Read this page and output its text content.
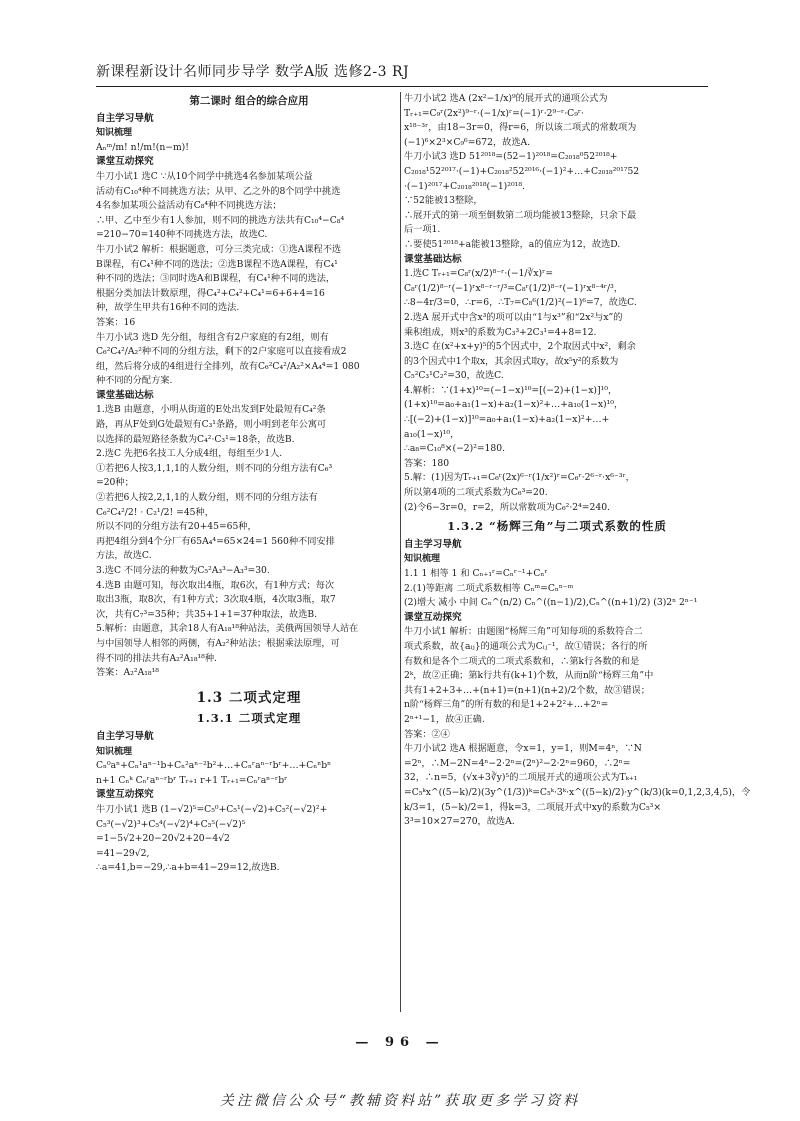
新课程新设计名师同步导学 数学A版 选修2-3 RJ
第二课时 组合的综合应用
自主学习导航
知识梳理
Aₙᵐ/m! n!/m!(n−m)!
课堂互动探究
牛刀小试1 选C ∵从10个同学中挑选4名参加某项公益
活动有C₁₀⁴种不同挑选方法；从甲、乙之外的8个同学中挑选
4名参加某项公益活动有C₈⁴种不同挑选方法；
∴甲、乙中至少有1人参加，则不同的挑选方法共有C₁₀⁴−C₈⁴
=210−70=140种不同挑选方法，故选C.
牛刀小试2 解析：根据题意，可分三类完成：①选A课程不选
B课程，有C₄¹种不同的选法；②选B课程不选A课程，有C₄¹
种不同的选法；③同时选A和B课程，有C₄¹种不同的选法，
根据分类加法计数原理，得C₄²+C₄²+C₄¹=6+6+4=16
种，故学生甲共有16种不同的选法.
答案：16
牛刀小试3 选D 先分组，每组含有2户家庭的有2组，则有
C₆²C₄²/A₂²种不同的分组方法，剩下的2户家庭可以直接看成2
组，然后将分成的4组进行全排列，故有C₆²C₄²/A₂²×A₄⁴=1 080
种不同的分配方案.
课堂基础达标
1.选B 由题意，小明从街道的E处出发到F处最短有C₄²条
路，再从F处到G处最短有C₃¹条路，则小明到老年公寓可
以选择的最短路径条数为C₄²·C₃¹=18条，故选B.
2.选C 先把6名技工人分成4组，每组至少1人.
①若把6人按3,1,1,1的人数分组，则不同的分组方法有C₆³
=20种；
②若把6人按2,2,1,1的人数分组，则不同的分组方法有
C₆²C₄²/2! · C₂¹/2! =45种，
所以不同的分组方法有20+45=65种，
再把4组分到4个分厂有65A₄⁴=65×24=1 560种不同安排
方法，故选C.
3.选C 不同分法的种数为C₅²A₃³−A₃³=30.
4.选B 由题可知，每次取出4瓶，取6次，有1种方式；每次
取出3瓶，取8次，有1种方式；3次取4瓶，4次取3瓶，取7
次，共有C₇³=35种；共35+1+1=37种取法，故选B.
5.解析：由题意，其余18人有A₁₈¹⁸种站法，美俄两国领导人站在
与中国领导人相邻的两侧，有A₂²种站法；根据乘法原理，可
得不同的排法共有A₂²A₁₈¹⁸种.
答案：A₂²A₁₈¹⁸
1.3 二项式定理
1.3.1 二项式定理
自主学习导航
知识梳理
Cₙ⁰aⁿ+Cₙ¹aⁿ⁻¹b+Cₙ²aⁿ⁻²b²+…+Cₙʳaⁿ⁻ʳbʳ+…+Cₙⁿbⁿ
n+1 Cₙᵏ Cₙʳaⁿ⁻ʳbʳ Tᵣ₊₁ r+1 Tᵣ₊₁=Cₙʳaⁿ⁻ʳbʳ
课堂互动探究
牛刀小试1 选B (1−√2)⁵=C₅⁰+C₅¹(−√2)+C₅²(−√2)²+
C₅³(−√2)³+C₅⁴(−√2)⁴+C₅⁵(−√2)⁵
=1−5√2+20−20√2+20−4√2
=41−29√2,
∴a=41,b=−29,∴a+b=41−29=12,故选B.
牛刀小试2 选A (2x²−1/x)⁹的展开式的通项公式为
Tᵣ₊₁=C₉ʳ(2x²)⁹⁻ʳ·(−1/x)ʳ=(−1)ʳ·2⁹⁻ʳ·C₉ʳ·
x¹⁸⁻³ʳ，由18−3r=0，得r=6，所以该二项式的常数项为
(−1)⁶×2³×C₉⁶=672，故选A.
牛刀小试3 选D 51²⁰¹⁸=(52−1)²⁰¹⁸=C₂₀₁₈⁰52²⁰¹⁸+
C₂₀₁₈¹52²⁰¹⁷·(−1)+C₂₀₁₈²52²⁰¹⁶·(−1)²+…+C₂₀₁₈²⁰¹⁷52
·(−1)²⁰¹⁷+C₂₀₁₈²⁰¹⁸(−1)²⁰¹⁸.
∵52能被13整除，
∴展开式的第一项至倒数第二项均能被13整除，只余下最
后一项1.
∴要使51²⁰¹⁸+a能被13整除，a的值应为12，故选D.
课堂基础达标
1.选C Tᵣ₊₁=C₈ʳ(x/2)⁸⁻ʳ·(−1/∛x)ʳ=
C₈ʳ(1/2)⁸⁻ʳ(−1)ʳx⁸⁻ʳ⁻ʳ/³=C₈ʳ(1/2)⁸⁻ʳ(−1)ʳx⁸⁻⁴ʳ/³，
∴8−4r/3=0，∴r=6，∴T₇=C₈⁶(1/2)²(−1)⁶=7，故选C.
2.选A 展开式中含x³的项可以由“1与x³”和“2x²与x”的
乘积组成，则x³的系数为C₃³+2C₃¹=4+8=12.
3.选C 在(x²+x+y)⁵的5个因式中，2个取因式中x²，剩余
的3个因式中1个取x，其余因式取y，故x⁵y²的系数为
C₅²C₃¹C₂²=30，故选C.
4.解析：∵(1+x)¹⁰=(−1−x)¹⁰=[(−2)+(1−x)]¹⁰，
(1+x)¹⁰=a₀+a₁(1−x)+a₂(1−x)²+…+a₁₀(1−x)¹⁰，
∴[(−2)+(1−x)]¹⁰=a₀+a₁(1−x)+a₂(1−x)²+…+
a₁₀(1−x)¹⁰，
∴a₈=C₁₀⁸×(−2)²=180.
答案：180
5.解：(1)因为Tᵣ₊₁=C₆ʳ(2x)⁶⁻ʳ(1/x²)ʳ=C₆ʳ·2⁶⁻ʳ·x⁶⁻³ʳ，
所以第4项的二项式系数为C₆³=20.
(2)令6−3r=0，r=2，所以常数项为C₆²·2⁴=240.
1.3.2 “杨辉三角”与二项式系数的性质
自主学习导航
知识梳理
1.1 1 相等 1 和 Cₙ₊₁ʳ=Cₙʳ⁻¹+Cₙʳ
2.(1)等距离 二项式系数相等 Cₙᵐ=Cₙⁿ⁻ᵐ
(2)增大 减小 中间 Cₙ^(n/2) Cₙ^((n−1)/2),Cₙ^((n+1)/2) (3)2ⁿ 2ⁿ⁻¹
课堂互动探究
牛刀小试1 解析：由题图“杨辉三角”可知每项的系数符合二
项式系数，故{aᵢⱼ}的通项公式为Cᵢⱼ⁻¹，故①错误；各行的所
有数和是各个二项式的二项式系数和，∴第k行各数的和是
2ᵏ，故②正确；第k行共有(k+1)个数，从而n阶“杨辉三角”中
共有1+2+3+…+(n+1)=(n+1)(n+2)/2个数，故③错误；
n阶“杨辉三角”的所有数的和是1+2+2²+…+2ⁿ=
2ⁿ⁺¹−1，故④正确.
答案：②④
牛刀小试2 选A 根据题意，令x=1，y=1，则M=4ⁿ，∵N
=2ⁿ，∴M−2N=4ⁿ−2·2ⁿ=(2ⁿ)²−2·2ⁿ=960，∴2ⁿ=
32，∴n=5，(√x+3∛y)⁵的二项展开式的通项公式为Tₖ₊₁
=C₅ᵏx^((5−k)/2)(3y^(1/3))ᵏ=C₅ᵏ·3ᵏ·x^((5−k)/2)·y^(k/3)(k=0,1,2,3,4,5)，令
k/3=1，(5−k)/2=1，得k=3，二项展开式中xy的系数为C₅³×
3³=10×27=270，故选A.
— 96 —
关注微信公众号“教辅资料站”获取更多学习资料
